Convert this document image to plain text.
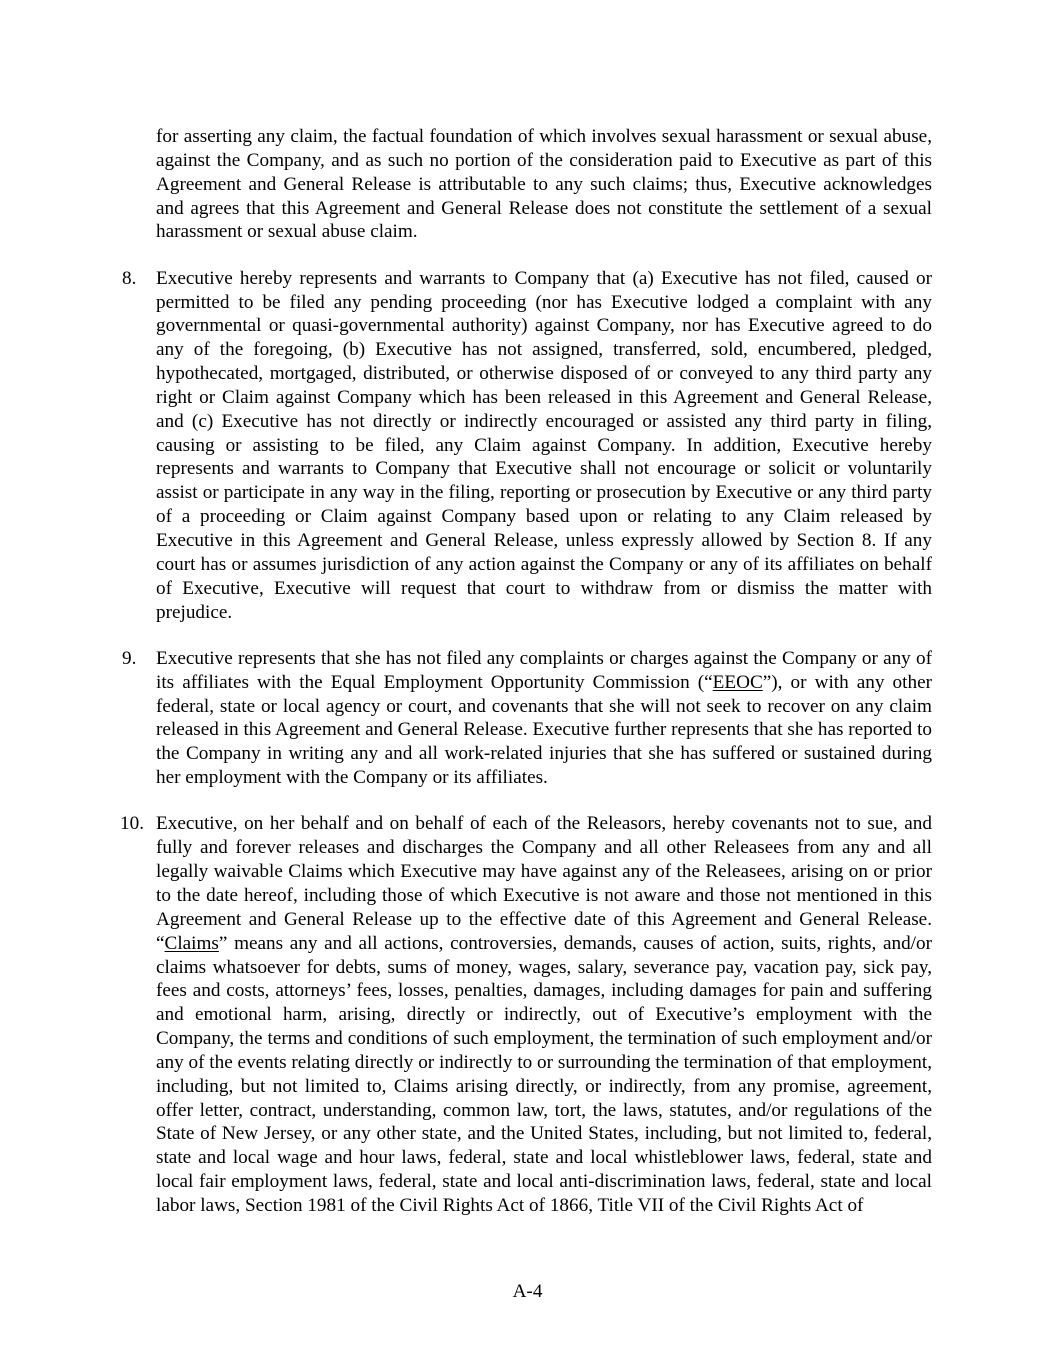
for asserting any claim, the factual foundation of which involves sexual harassment or sexual abuse, against the Company, and as such no portion of the consideration paid to Executive as part of this Agreement and General Release is attributable to any such claims; thus, Executive acknowledges and agrees that this Agreement and General Release does not constitute the settlement of a sexual harassment or sexual abuse claim.

8. Executive hereby represents and warrants to Company that (a) Executive has not filed, caused or permitted to be filed any pending proceeding (nor has Executive lodged a complaint with any governmental or quasi-governmental authority) against Company, nor has Executive agreed to do any of the foregoing, (b) Executive has not assigned, transferred, sold, encumbered, pledged, hypothecated, mortgaged, distributed, or otherwise disposed of or conveyed to any third party any right or Claim against Company which has been released in this Agreement and General Release, and (c) Executive has not directly or indirectly encouraged or assisted any third party in filing, causing or assisting to be filed, any Claim against Company. In addition, Executive hereby represents and warrants to Company that Executive shall not encourage or solicit or voluntarily assist or participate in any way in the filing, reporting or prosecution by Executive or any third party of a proceeding or Claim against Company based upon or relating to any Claim released by Executive in this Agreement and General Release, unless expressly allowed by Section 8. If any court has or assumes jurisdiction of any action against the Company or any of its affiliates on behalf of Executive, Executive will request that court to withdraw from or dismiss the matter with prejudice.
9. Executive represents that she has not filed any complaints or charges against the Company or any of its affiliates with the Equal Employment Opportunity Commission (“EEOC”), or with any other federal, state or local agency or court, and covenants that she will not seek to recover on any claim released in this Agreement and General Release. Executive further represents that she has reported to the Company in writing any and all work-related injuries that she has suffered or sustained during her employment with the Company or its affiliates.
10. Executive, on her behalf and on behalf of each of the Releasors, hereby covenants not to sue, and fully and forever releases and discharges the Company and all other Releasees from any and all legally waivable Claims which Executive may have against any of the Releasees, arising on or prior to the date hereof, including those of which Executive is not aware and those not mentioned in this Agreement and General Release up to the effective date of this Agreement and General Release. “Claims” means any and all actions, controversies, demands, causes of action, suits, rights, and/or claims whatsoever for debts, sums of money, wages, salary, severance pay, vacation pay, sick pay, fees and costs, attorneys’ fees, losses, penalties, damages, including damages for pain and suffering and emotional harm, arising, directly or indirectly, out of Executive’s employment with the Company, the terms and conditions of such employment, the termination of such employment and/or any of the events relating directly or indirectly to or surrounding the termination of that employment, including, but not limited to, Claims arising directly, or indirectly, from any promise, agreement, offer letter, contract, understanding, common law, tort, the laws, statutes, and/or regulations of the State of New Jersey, or any other state, and the United States, including, but not limited to, federal, state and local wage and hour laws, federal, state and local whistleblower laws, federal, state and local fair employment laws, federal, state and local anti-discrimination laws, federal, state and local labor laws, Section 1981 of the Civil Rights Act of 1866, Title VII of the Civil Rights Act of
A-4
